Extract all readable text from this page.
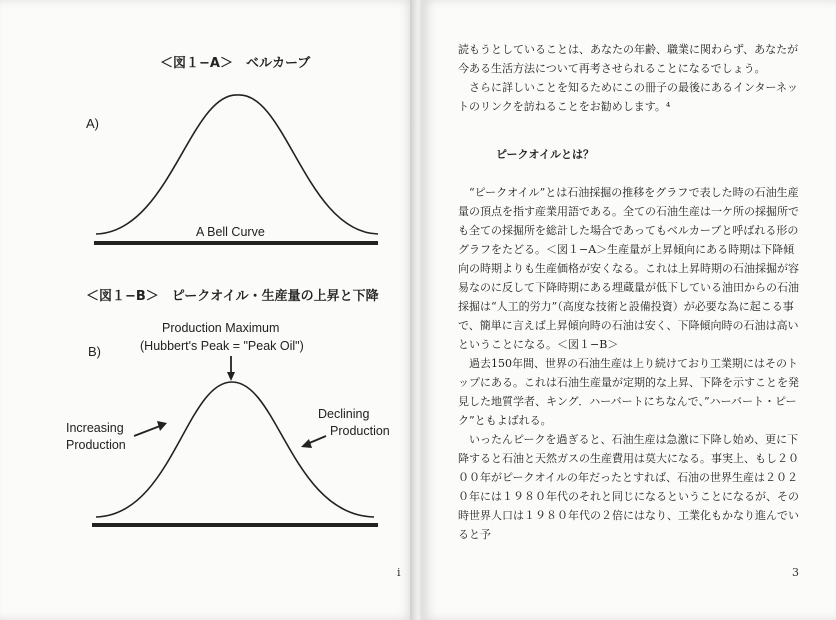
＜図１−A＞　ベルカーブ
A)
A Bell Curve
Production Maximum
(Hubbert's Peak = "Peak Oil")
Increasing
Production
Declining
Production
＜図１−B＞　ピークオイル・生産量の上昇と下降
B)
i

読もうとしていることは、あなたの年齢、職業に関わらず、あなたが今ある生活方法について再考させられることになるでしょう。

さらに詳しいことを知るためにこの冊子の最後にあるインターネットのリンクを訪ねることをお勧めします。⁴

ピークオイルとは？

“ピークオイル”とは石油採掘の推移をグラフで表した時の石油生産量の頂点を指す産業用語である。全ての石油生産は一ケ所の採掘所でも全ての採掘所を総計した場合であってもベルカーブと呼ばれる形のグラフをたどる。＜図１−A＞生産量が上昇傾向にある時期は下降傾向の時期よりも生産価格が安くなる。これは上昇時期の石油採掘が容易なのに反して下降時期にある埋蔵量が低下している油田からの石油採掘は“人工的労力”（高度な技術と設備投資）が必要な為に起こる事で、簡単に言えば上昇傾向時の石油は安く、下降傾向時の石油は高いということになる。＜図１−B＞

過去150年間、世界の石油生産は上り続けており工業期にはそのトップにある。これは石油生産量が定期的な上昇、下降を示すことを発見した地質学者、キング．ハーバートにちなんで、”ハーバート・ピーク”ともよばれる。

いったんピークを過ぎると、石油生産は急激に下降し始め、更に下降すると石油と天然ガスの生産費用は莫大になる。事実上、もし２０００年がピークオイルの年だったとすれば、石油の世界生産は２０２０年には１９８０年代のそれと同じになるということになるが、その時世界人口は１９８０年代の２倍にはなり、工業化もかなり進んでいると予

3
